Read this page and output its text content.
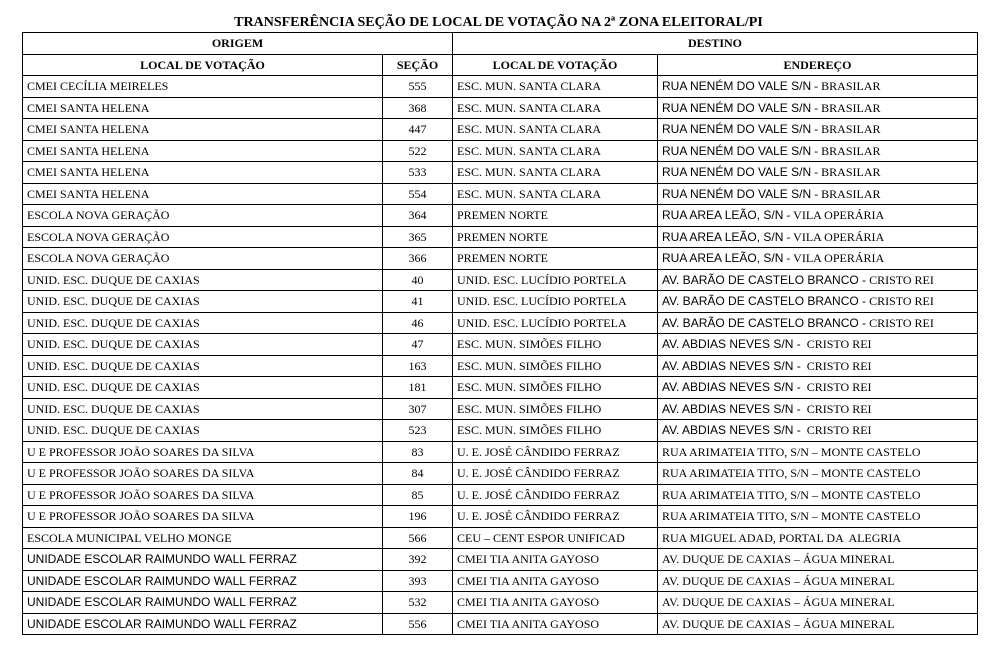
TRANSFERÊNCIA SEÇÃO DE LOCAL DE VOTAÇÃO NA 2ª ZONA ELEITORAL/PI
ORIGEM		DESTINO	
LOCAL DE VOTAÇÃO	SEÇÃO	LOCAL DE VOTAÇÃO	ENDEREÇO
CMEI CECÍLIA MEIRELES	555	ESC. MUN. SANTA CLARA	RUA NENÉM DO VALE S/N - BRASILAR
CMEI SANTA HELENA	368	ESC. MUN. SANTA CLARA	RUA NENÉM DO VALE S/N - BRASILAR
CMEI SANTA HELENA	447	ESC. MUN. SANTA CLARA	RUA NENÉM DO VALE S/N - BRASILAR
CMEI SANTA HELENA	522	ESC. MUN. SANTA CLARA	RUA NENÉM DO VALE S/N - BRASILAR
CMEI SANTA HELENA	533	ESC. MUN. SANTA CLARA	RUA NENÉM DO VALE S/N - BRASILAR
CMEI SANTA HELENA	554	ESC. MUN. SANTA CLARA	RUA NENÉM DO VALE S/N - BRASILAR
ESCOLA NOVA GERAÇÃO	364	PREMEN NORTE	RUA AREA LEÃO, S/N - VILA OPERÁRIA
ESCOLA NOVA GERAÇÃO	365	PREMEN NORTE	RUA AREA LEÃO, S/N - VILA OPERÁRIA
ESCOLA NOVA GERAÇÃO	366	PREMEN NORTE	RUA AREA LEÃO, S/N - VILA OPERÁRIA
UNID. ESC. DUQUE DE CAXIAS	40	UNID. ESC. LUCÍDIO PORTELA	AV. BARÃO DE CASTELO BRANCO - CRISTO REI
UNID. ESC. DUQUE DE CAXIAS	41	UNID. ESC. LUCÍDIO PORTELA	AV. BARÃO DE CASTELO BRANCO - CRISTO REI
UNID. ESC. DUQUE DE CAXIAS	46	UNID. ESC. LUCÍDIO PORTELA	AV. BARÃO DE CASTELO BRANCO - CRISTO REI
UNID. ESC. DUQUE DE CAXIAS	47	ESC. MUN. SIMÕES FILHO	AV. ABDIAS NEVES S/N -  CRISTO REI
UNID. ESC. DUQUE DE CAXIAS	163	ESC. MUN. SIMÕES FILHO	AV. ABDIAS NEVES S/N -  CRISTO REI
UNID. ESC. DUQUE DE CAXIAS	181	ESC. MUN. SIMÕES FILHO	AV. ABDIAS NEVES S/N -  CRISTO REI
UNID. ESC. DUQUE DE CAXIAS	307	ESC. MUN. SIMÕES FILHO	AV. ABDIAS NEVES S/N -  CRISTO REI
UNID. ESC. DUQUE DE CAXIAS	523	ESC. MUN. SIMÕES FILHO	AV. ABDIAS NEVES S/N -  CRISTO REI
U E PROFESSOR JOÃO SOARES DA SILVA	83	U. E. JOSÉ CÂNDIDO FERRAZ	RUA ARIMATEIA TITO, S/N – MONTE CASTELO
U E PROFESSOR JOÃO SOARES DA SILVA	84	U. E. JOSÉ CÂNDIDO FERRAZ	RUA ARIMATEIA TITO, S/N – MONTE CASTELO
U E PROFESSOR JOÃO SOARES DA SILVA	85	U. E. JOSÉ CÂNDIDO FERRAZ	RUA ARIMATEIA TITO, S/N – MONTE CASTELO
U E PROFESSOR JOÃO SOARES DA SILVA	196	U. E. JOSÉ CÂNDIDO FERRAZ	RUA ARIMATEIA TITO, S/N – MONTE CASTELO
ESCOLA MUNICIPAL VELHO MONGE	566	CEU – CENT ESPOR UNIFICAD	RUA MIGUEL ADAD, PORTAL DA  ALEGRIA
UNIDADE ESCOLAR RAIMUNDO WALL FERRAZ	392	CMEI TIA ANITA GAYOSO	AV. DUQUE DE CAXIAS – ÁGUA MINERAL
UNIDADE ESCOLAR RAIMUNDO WALL FERRAZ	393	CMEI TIA ANITA GAYOSO	AV. DUQUE DE CAXIAS – ÁGUA MINERAL
UNIDADE ESCOLAR RAIMUNDO WALL FERRAZ	532	CMEI TIA ANITA GAYOSO	AV. DUQUE DE CAXIAS – ÁGUA MINERAL
UNIDADE ESCOLAR RAIMUNDO WALL FERRAZ	556	CMEI TIA ANITA GAYOSO	AV. DUQUE DE CAXIAS – ÁGUA MINERAL
